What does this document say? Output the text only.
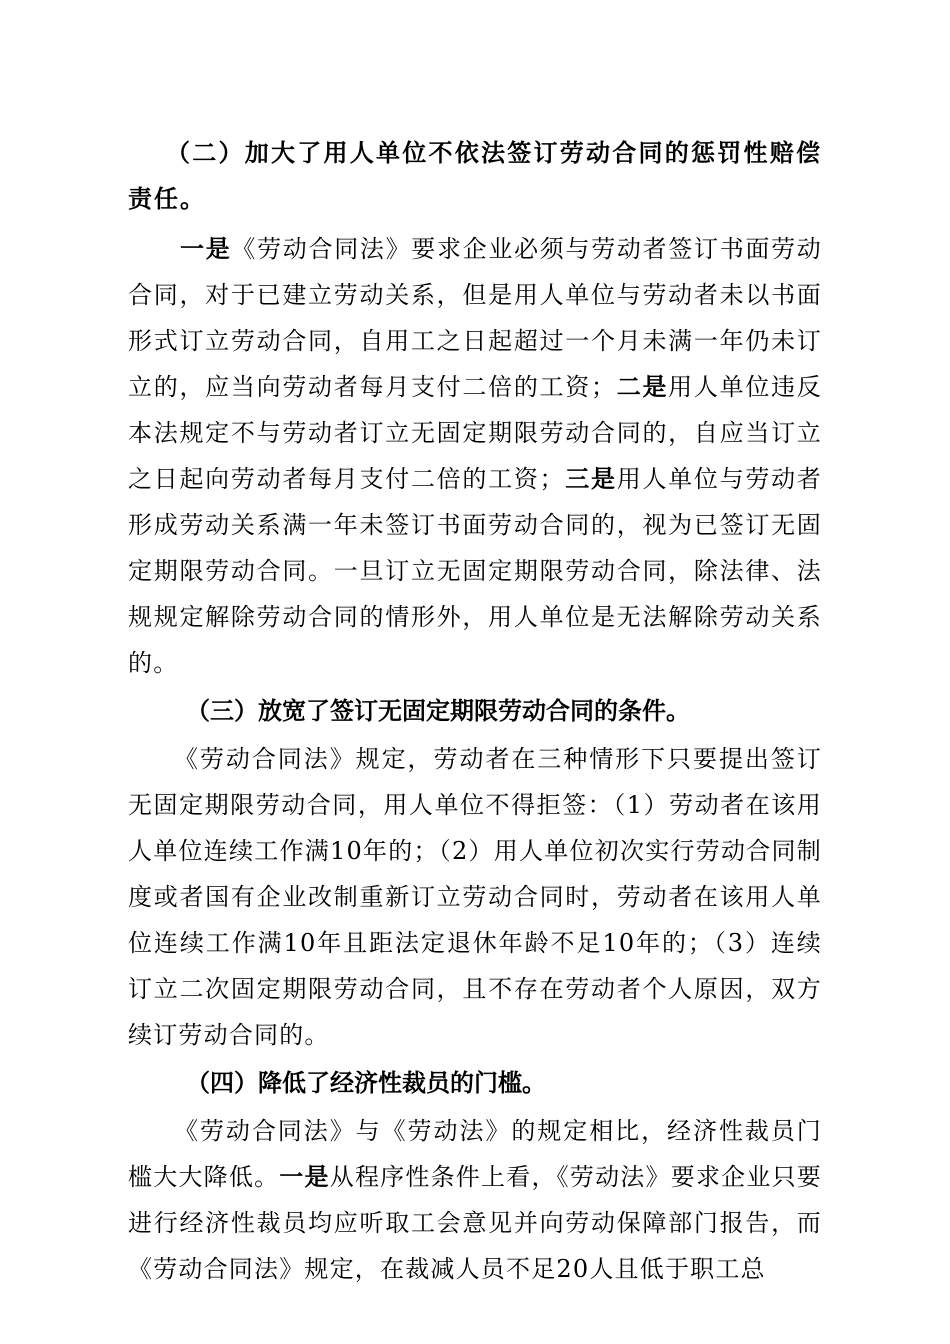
（二）加大了用人单位不依法签订劳动合同的惩罚性赔偿责任。

一是《劳动合同法》要求企业必须与劳动者签订书面劳动合同，对于已建立劳动关系，但是用人单位与劳动者未以书面形式订立劳动合同，自用工之日起超过一个月未满一年仍未订立的，应当向劳动者每月支付二倍的工资；二是用人单位违反本法规定不与劳动者订立无固定期限劳动合同的，自应当订立之日起向劳动者每月支付二倍的工资；三是用人单位与劳动者形成劳动关系满一年未签订书面劳动合同的，视为已签订无固定期限劳动合同。一旦订立无固定期限劳动合同，除法律、法规规定解除劳动合同的情形外，用人单位是无法解除劳动关系的。

（三）放宽了签订无固定期限劳动合同的条件。

《劳动合同法》规定，劳动者在三种情形下只要提出签订无固定期限劳动合同，用人单位不得拒签：（1）劳动者在该用人单位连续工作满10年的；（2）用人单位初次实行劳动合同制度或者国有企业改制重新订立劳动合同时，劳动者在该用人单位连续工作满10年且距法定退休年龄不足10年的；（3）连续订立二次固定期限劳动合同，且不存在劳动者个人原因，双方续订劳动合同的。

（四）降低了经济性裁员的门槛。

《劳动合同法》与《劳动法》的规定相比，经济性裁员门槛大大降低。一是从程序性条件上看，《劳动法》要求企业只要进行经济性裁员均应听取工会意见并向劳动保障部门报告，而《劳动合同法》规定，在裁减人员不足20人且低于职工总
